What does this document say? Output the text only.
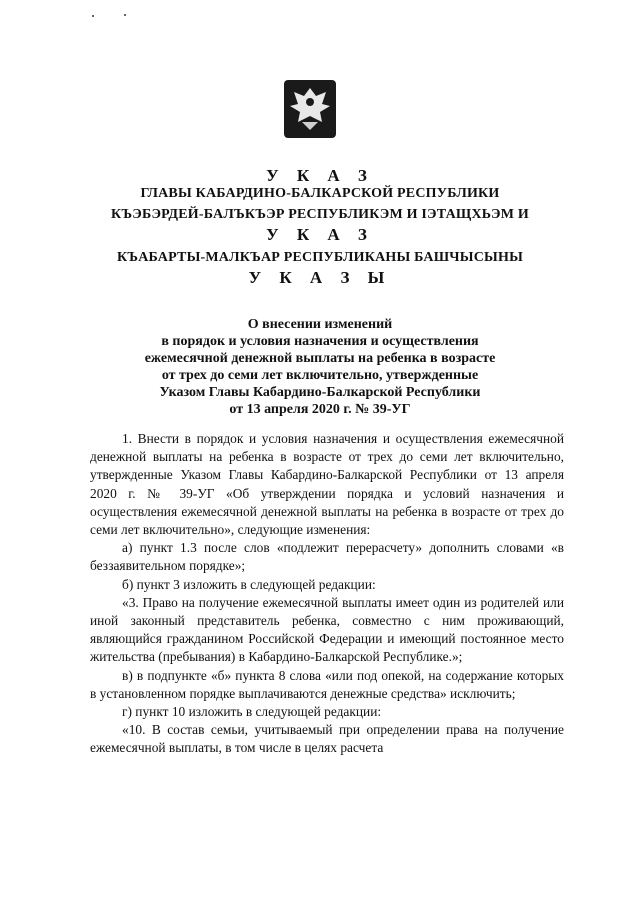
У К А З
ГЛАВЫ КАБАРДИНО-БАЛКАРСКОЙ РЕСПУБЛИКИ
КЪЭБЭРДЕЙ-БАЛЪКЪЭР РЕСПУБЛИКЭМ И ІЭТАЩХЬЭМ И
У К А З
КЪАБАРТЫ-МАЛКЪАР РЕСПУБЛИКАНЫ БАШЧЫСЫНЫ
У К А З Ы
О внесении изменений
в порядок и условия назначения и осуществления
ежемесячной денежной выплаты на ребенка в возрасте
от трех до семи лет включительно, утвержденные
Указом Главы Кабардино-Балкарской Республики
от 13 апреля 2020 г. № 39-УГ

1. Внести в порядок и условия назначения и осуществления ежемесячной денежной выплаты на ребенка в возрасте от трех до семи лет включительно, утвержденные Указом Главы Кабардино-Балкарской Республики от 13 апреля 2020 г. № 39-УГ «Об утверждении порядка и условий назначения и осуществления ежемесячной денежной выплаты на ребенка в возрасте от трех до семи лет включительно», следующие изменения:

а) пункт 1.3 после слов «подлежит перерасчету» дополнить словами «в беззаявительном порядке»;

б) пункт 3 изложить в следующей редакции:

«3. Право на получение ежемесячной выплаты имеет один из родителей или иной законный представитель ребенка, совместно с ним проживающий, являющийся гражданином Российской Федерации и имеющий постоянное место жительства (пребывания) в Кабардино-Балкарской Республике.»;

в) в подпункте «б» пункта 8 слова «или под опекой, на содержание которых в установленном порядке выплачиваются денежные средства» исключить;

г) пункт 10 изложить в следующей редакции:

«10. В состав семьи, учитываемый при определении права на получение ежемесячной выплаты, в том числе в целях расчета
